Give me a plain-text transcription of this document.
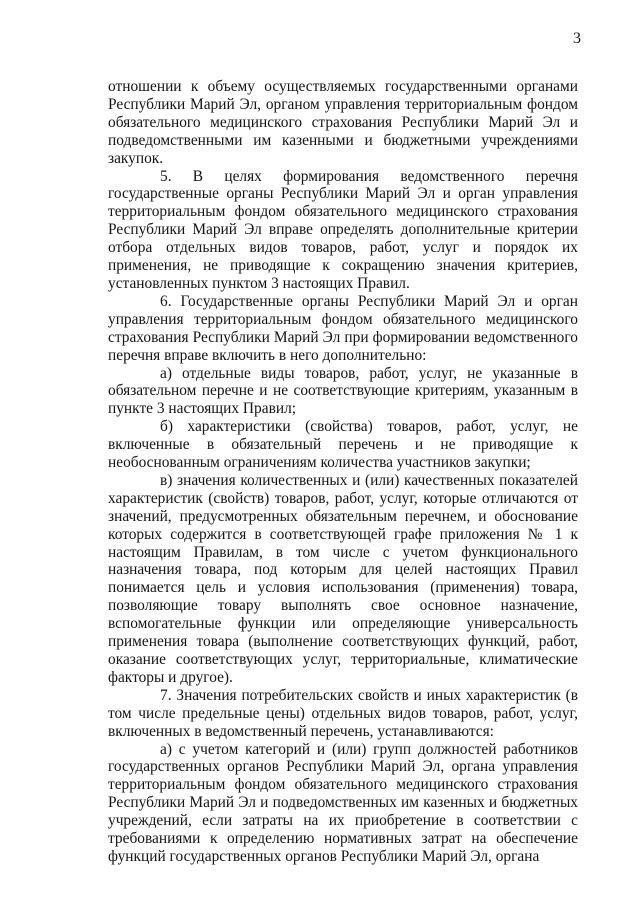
3

отношении к объему осуществляемых государственными органами Республики Марий Эл, органом управления территориальным фондом обязательного медицинского страхования Республики Марий Эл и подведомственными им казенными и бюджетными учреждениями закупок.

5. В целях формирования ведомственного перечня государственные органы Республики Марий Эл и орган управления территориальным фондом обязательного медицинского страхования Республики Марий Эл вправе определять дополнительные критерии отбора отдельных видов товаров, работ, услуг и порядок их применения, не приводящие к сокращению значения критериев, установленных пунктом 3 настоящих Правил.

6. Государственные органы Республики Марий Эл и орган управления территориальным фондом обязательного медицинского страхования Республики Марий Эл при формировании ведомственного перечня вправе включить в него дополнительно:

а) отдельные виды товаров, работ, услуг, не указанные в обязательном перечне и не соответствующие критериям, указанным в пункте 3 настоящих Правил;

б) характеристики (свойства) товаров, работ, услуг, не включенные в обязательный перечень и не приводящие к необоснованным ограничениям количества участников закупки;

в) значения количественных и (или) качественных показателей характеристик (свойств) товаров, работ, услуг, которые отличаются от значений, предусмотренных обязательным перечнем, и обоснование которых содержится в соответствующей графе приложения № 1 к настоящим Правилам, в том числе с учетом функционального назначения товара, под которым для целей настоящих Правил понимается цель и условия использования (применения) товара, позволяющие товару выполнять свое основное назначение, вспомогательные функции или определяющие универсальность применения товара (выполнение соответствующих функций, работ, оказание соответствующих услуг, территориальные, климатические факторы и другое).

7. Значения потребительских свойств и иных характеристик (в том числе предельные цены) отдельных видов товаров, работ, услуг, включенных в ведомственный перечень, устанавливаются:

а) с учетом категорий и (или) групп должностей работников государственных органов Республики Марий Эл, органа управления территориальным фондом обязательного медицинского страхования Республики Марий Эл и подведомственных им казенных и бюджетных учреждений, если затраты на их приобретение в соответствии с требованиями к определению нормативных затрат на обеспечение функций государственных органов Республики Марий Эл, органа
